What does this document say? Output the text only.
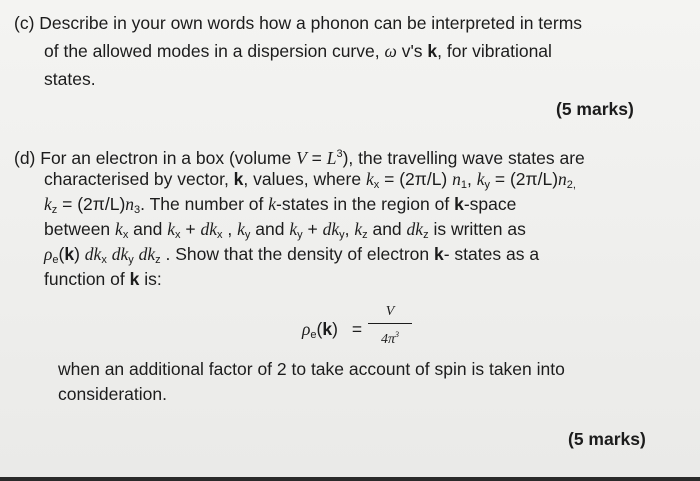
(c) Describe in your own words how a phonon can be interpreted in terms
of the allowed modes in a dispersion curve, ω v's k, for vibrational
states.
(5 marks)
(d) For an electron in a box (volume $V = L^3$), the travelling wave states are
characterised by vector, k, values, where $k_x = (2\pi/L)$ $n_1$, $k_y = (2\pi/L)n_{2,}$
$k_z = (2\pi/L)n_3$. The number of k-states in the region of k-space
between $k_x$ and $k_x + dk_x$ , $k_y$ and $k_y + dk_y$, $k_z$ and $dk_z$ is written as
$\rho_e(k)$ $dk_x$ $dk_y$ $dk_z$ . Show that the density of electron k- states as a
function of k is:
$\rho_e(k)$ =
V
$4\pi^3$
when an additional factor of 2 to take account of spin is taken into
consideration.
(5 marks)
